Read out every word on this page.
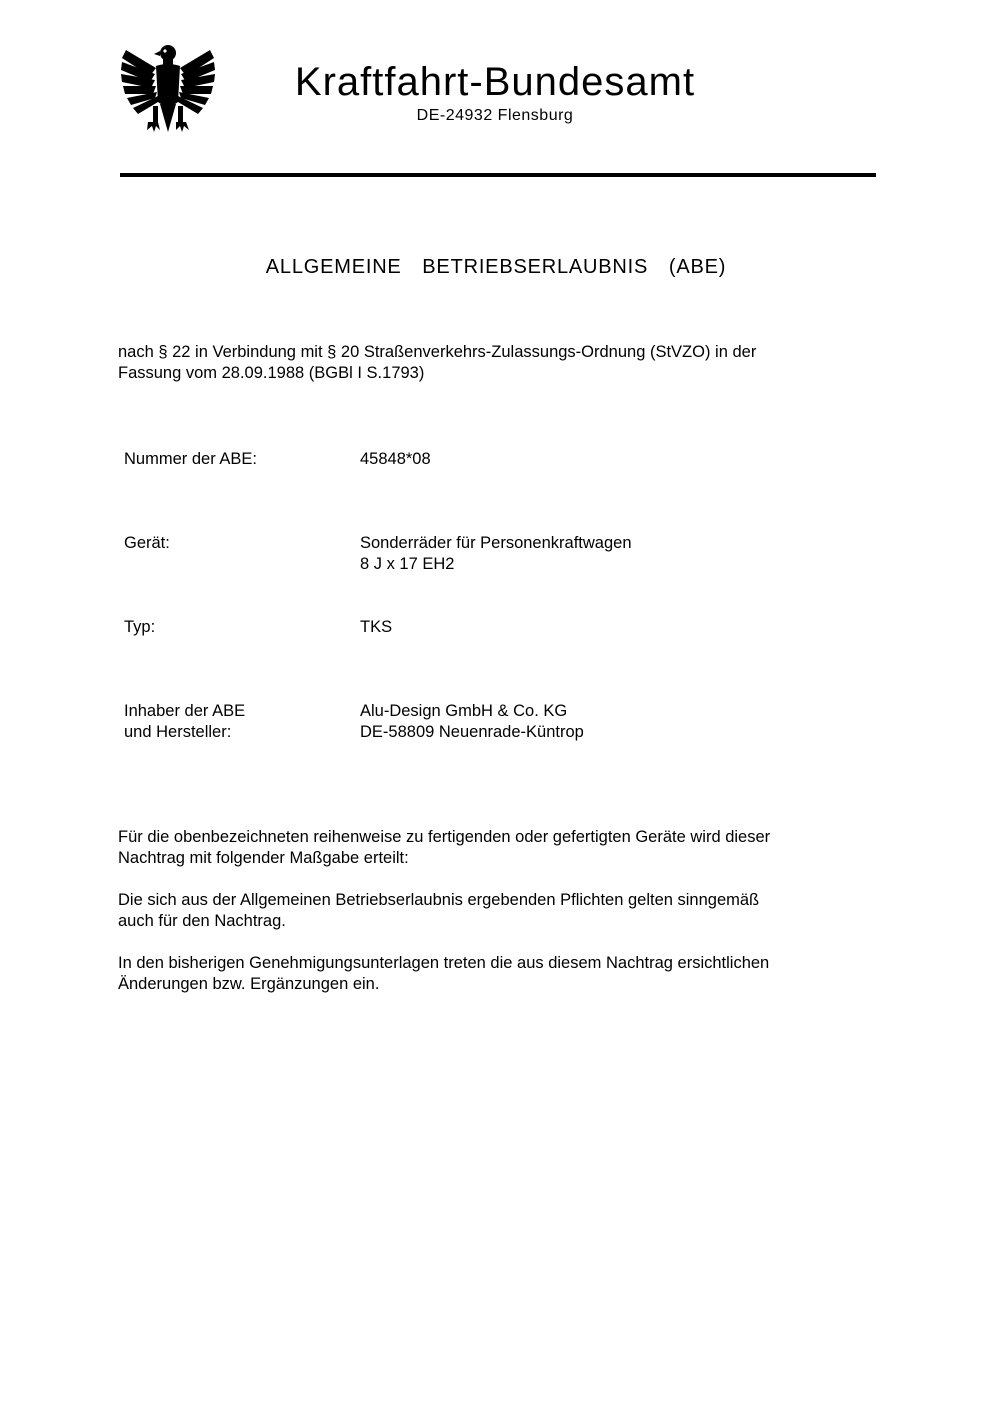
Kraftfahrt-Bundesamt
DE-24932 Flensburg
ALLGEMEINE  BETRIEBSERLAUBNIS  (ABE)
nach § 22 in Verbindung mit § 20 Straßenverkehrs-Zulassungs-Ordnung (StVZO) in der
Fassung vom 28.09.1988 (BGBl I S.1793)
Nummer der ABE:	45848*08
Gerät:	Sonderräder für Personenkraftwagen
8 J x 17 EH2
Typ:	TKS
Inhaber der ABE
und Hersteller:
Alu-Design GmbH & Co. KG
DE-58809 Neuenrade-Küntrop
Für die obenbezeichneten reihenweise zu fertigenden oder gefertigten Geräte wird dieser
Nachtrag mit folgender Maßgabe erteilt:
Die sich aus der Allgemeinen Betriebserlaubnis ergebenden Pflichten gelten sinngemäß
auch für den Nachtrag.
In den bisherigen Genehmigungsunterlagen treten die aus diesem Nachtrag ersichtlichen
Änderungen bzw. Ergänzungen ein.
